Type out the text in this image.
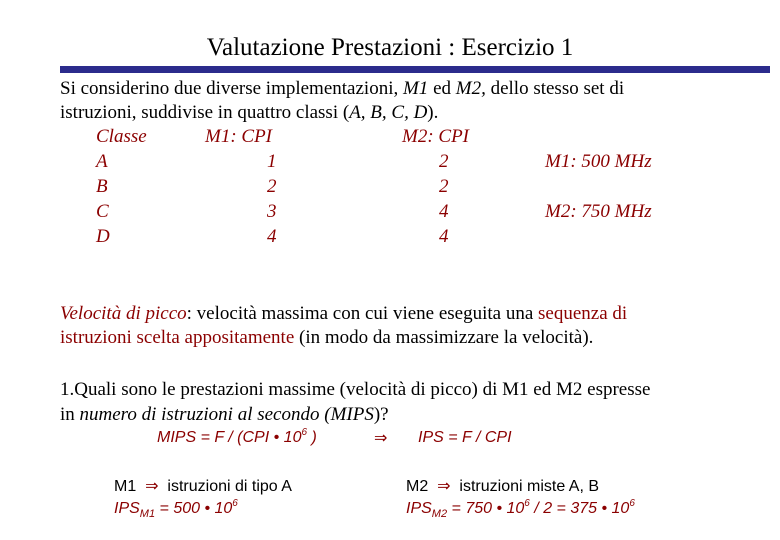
Valutazione Prestazioni : Esercizio 1
Si considerino due diverse implementazioni, M1 ed M2, dello stesso set di
istruzioni, suddivise in quattro classi (A, B, C, D).
Classe	M1: CPI	M2: CPI
A	1	2	M1: 500 MHz
B	2	2
C	3	4	M2: 750 MHz
D	4	4
Velocità di picco: velocità massima con cui viene eseguita una sequenza di
istruzioni scelta appositamente (in modo da massimizzare la velocità).
1.Quali sono le prestazioni massime (velocità di picco) di M1 ed M2 espresse
in numero di istruzioni al secondo (MIPS)?
MIPS = F / (CPI • $10^6$ )	⇒ IPS = F / CPI
M1 ⇒ istruzioni di tipo A
$IPS_{M1} = 500$ • $10^6$
M2 ⇒ istruzioni miste A, B
$IPS_{M2} = 750$ • $10^6 / 2 = 375$ • $10^6$
